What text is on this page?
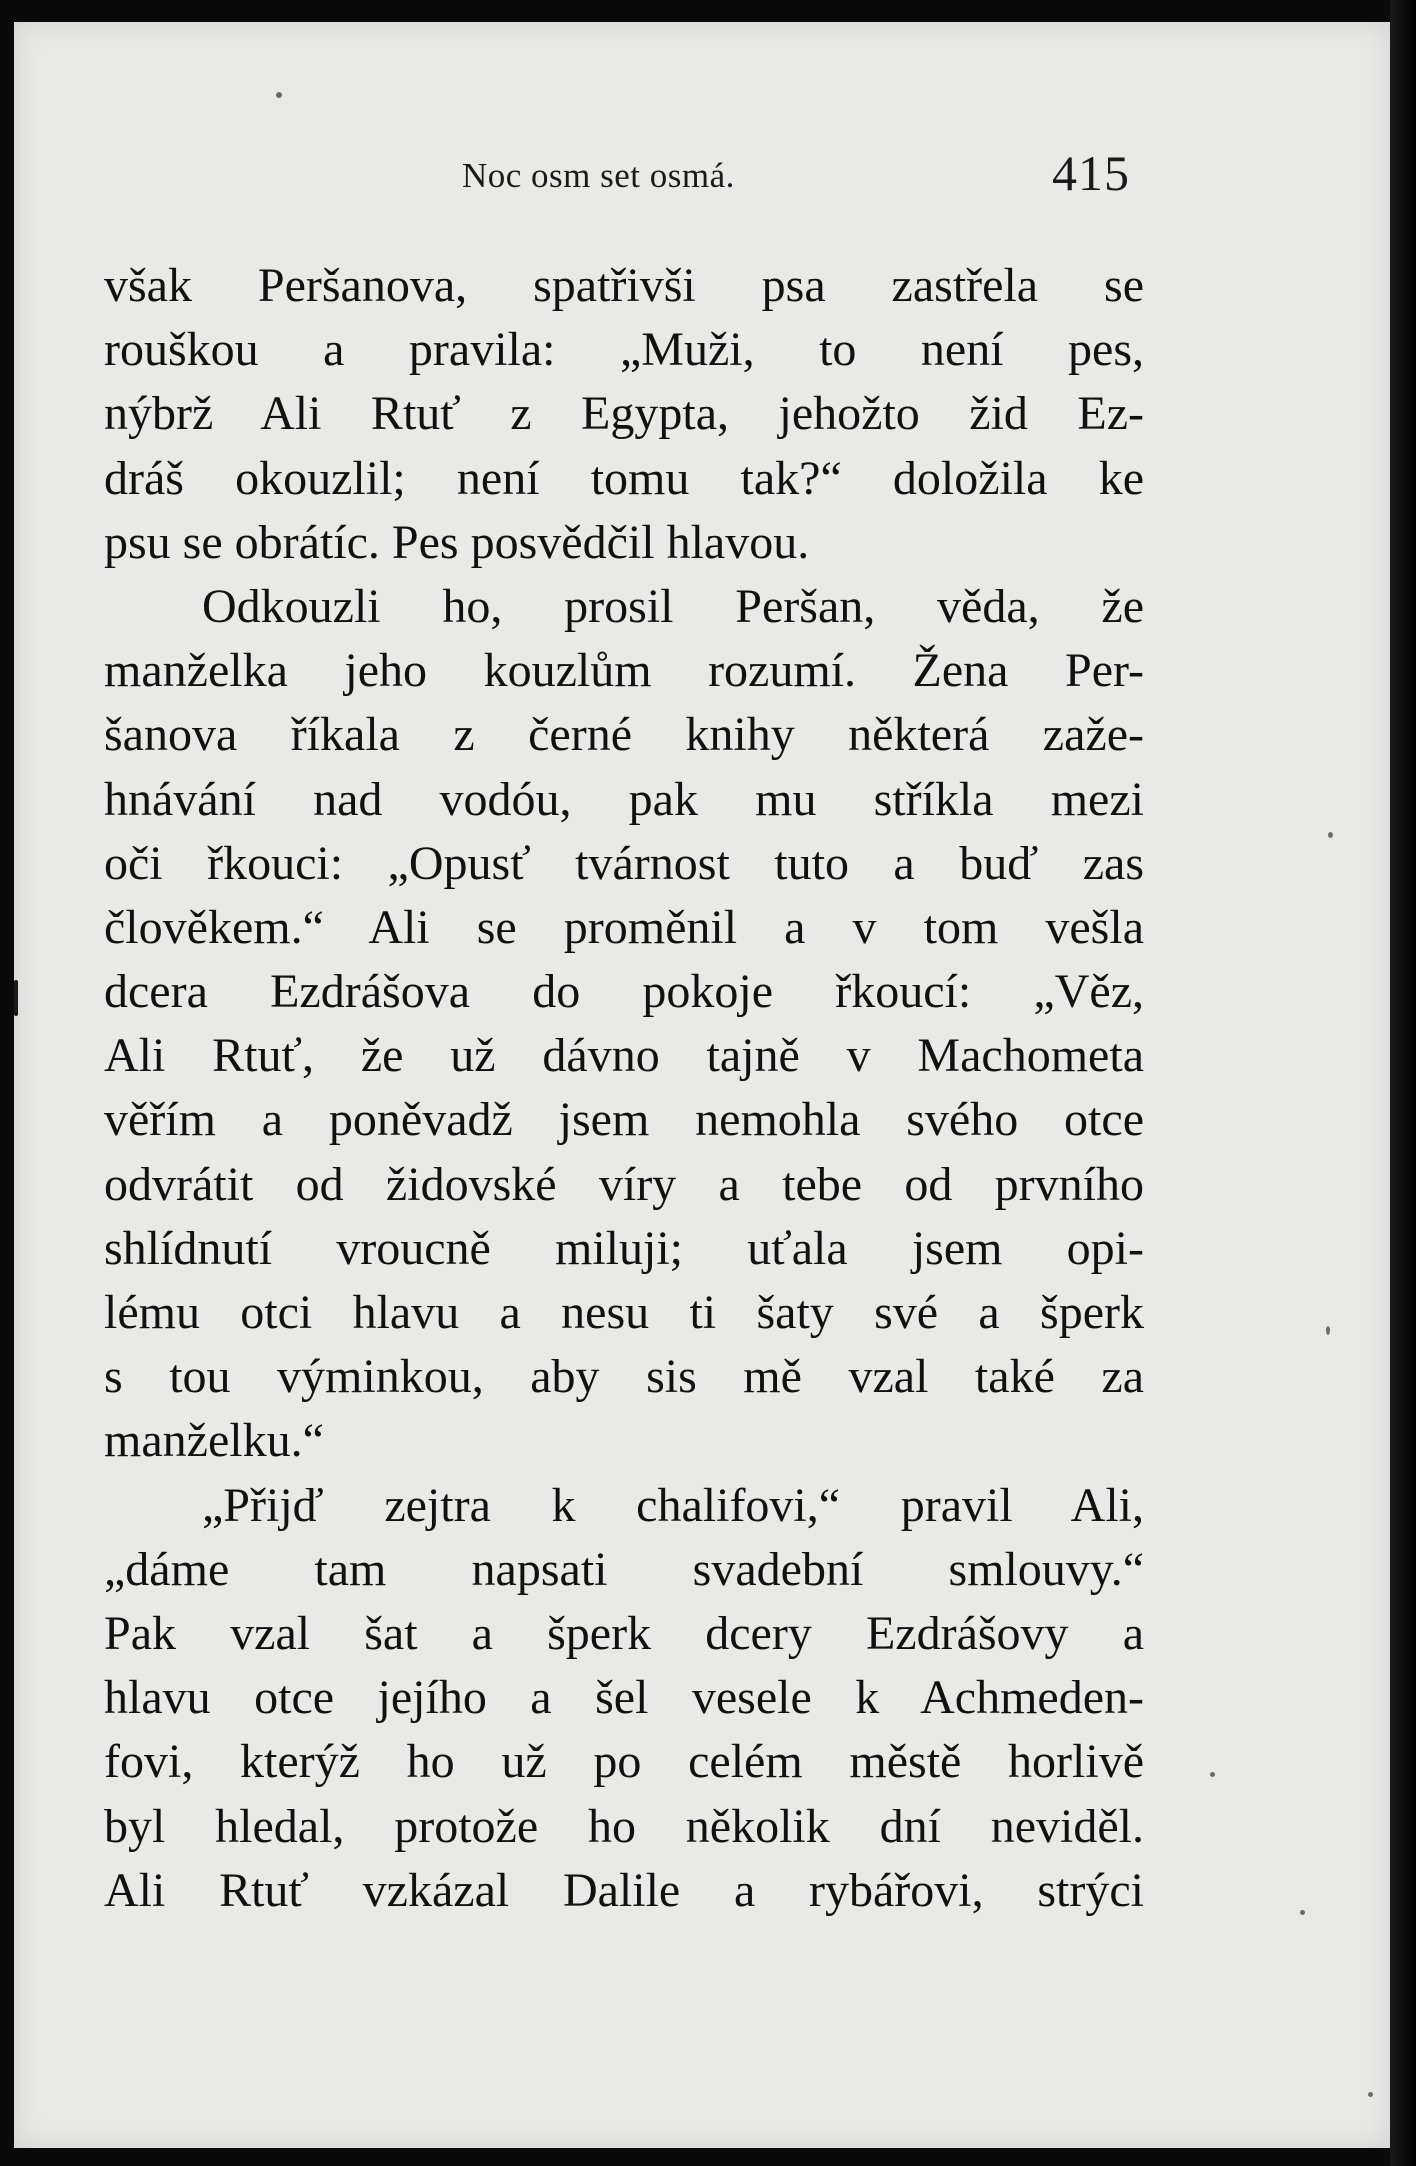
Noc osm set osmá.	415
však Peršanova, spatřivši psa zastřela se
rouškou a pravila: „Muži, to není pes,
nýbrž Ali Rtuť z Egypta, jehožto žid Ez-
dráš okouzlil; není tomu tak?“ doložila ke
psu se obrátíc. Pes posvědčil hlavou.
Odkouzli ho, prosil Peršan, věda, že
manželka jeho kouzlům rozumí. Žena Per-
šanova říkala z černé knihy některá zaže-
hnávání nad vodóu, pak mu stříkla mezi
oči řkouci: „Opusť tvárnost tuto a buď zas
člověkem.“ Ali se proměnil a v tom vešla
dcera Ezdrášova do pokoje řkoucí: „Věz,
Ali Rtuť, že už dávno tajně v Machometa
věřím a poněvadž jsem nemohla svého otce
odvrátit od židovské víry a tebe od prvního
shlídnutí vroucně miluji; uťala jsem opi-
lému otci hlavu a nesu ti šaty své a šperk
s tou výminkou, aby sis mě vzal také za
manželku.“
„Přijď zejtra k chalifovi,“ pravil Ali,
„dáme tam napsati svadební smlouvy.“
Pak vzal šat a šperk dcery Ezdrášovy a
hlavu otce jejího a šel vesele k Achmeden-
fovi, kterýž ho už po celém městě horlivě
byl hledal, protože ho několik dní neviděl.
Ali Rtuť vzkázal Dalile a rybářovi, strýci
